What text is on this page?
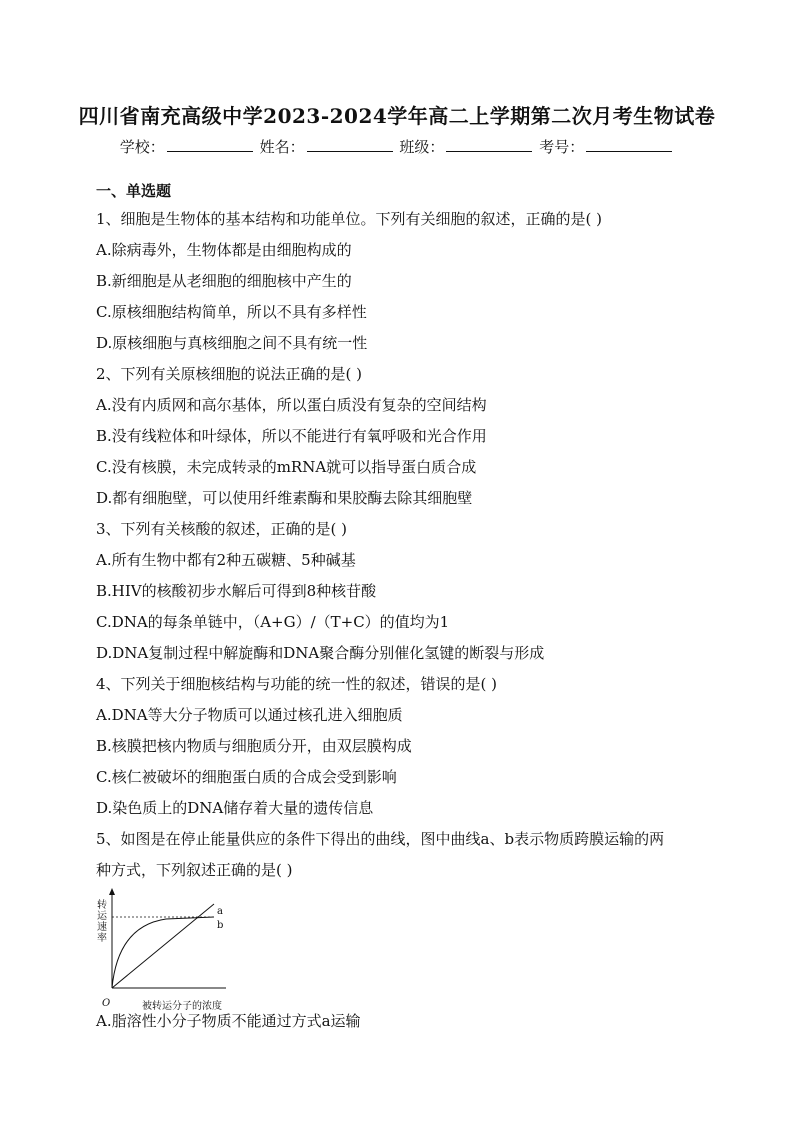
四川省南充高级中学2023-2024学年高二上学期第二次月考生物试卷
学校：	姓名：	班级：	考号：
一、单选题
1、细胞是生物体的基本结构和功能单位。下列有关细胞的叙述，正确的是( )
A.除病毒外，生物体都是由细胞构成的
B.新细胞是从老细胞的细胞核中产生的
C.原核细胞结构简单，所以不具有多样性
D.原核细胞与真核细胞之间不具有统一性
2、下列有关原核细胞的说法正确的是( )
A.没有内质网和高尔基体，所以蛋白质没有复杂的空间结构
B.没有线粒体和叶绿体，所以不能进行有氧呼吸和光合作用
C.没有核膜，未完成转录的mRNA就可以指导蛋白质合成
D.都有细胞壁，可以使用纤维素酶和果胶酶去除其细胞壁
3、下列有关核酸的叙述，正确的是( )
A.所有生物中都有2种五碳糖、5种碱基
B.HIV的核酸初步水解后可得到8种核苷酸
C.DNA的每条单链中，（A+G）/（T+C）的值均为1
D.DNA复制过程中解旋酶和DNA聚合酶分别催化氢键的断裂与形成
4、下列关于细胞核结构与功能的统一性的叙述，错误的是( )
A.DNA等大分子物质可以通过核孔进入细胞质
B.核膜把核内物质与细胞质分开，由双层膜构成
C.核仁被破坏的细胞蛋白质的合成会受到影响
D.染色质上的DNA储存着大量的遗传信息
5、如图是在停止能量供应的条件下得出的曲线，图中曲线a、b表示物质跨膜运输的两
种方式，下列叙述正确的是( )
转运速率
O	被转运分子的浓度
a
b
A.脂溶性小分子物质不能通过方式a运输
